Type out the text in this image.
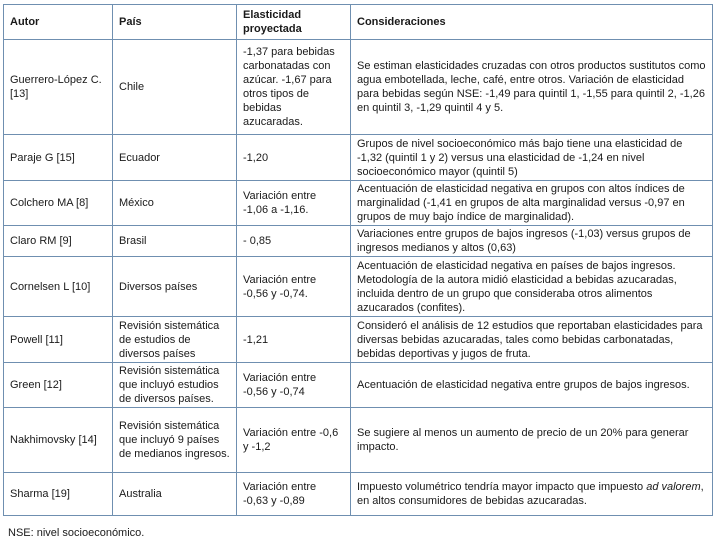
Autor	País	Elasticidad proyectada	Consideraciones
Guerrero-López C. [13]	Chile	-1,37 para bebidas carbonatadas con azúcar. -1,67 para otros tipos de bebidas azucaradas.	Se estiman elasticidades cruzadas con otros productos sustitutos como agua embotellada, leche, café, entre otros. Variación de elasticidad para bebidas según NSE: -1,49 para quintil 1, -1,55 para quintil 2, -1,26 en quintil 3, -1,29 quintil 4 y 5.
Paraje G [15]	Ecuador	-1,20	Grupos de nivel socioeconómico más bajo tiene una elasticidad de -1,32 (quintil 1 y 2) versus una elasticidad de -1,24 en nivel socioeconómico mayor (quintil 5)
Colchero MA [8]	México	Variación entre -1,06 a -1,16.	Acentuación de elasticidad negativa en grupos con altos índices de marginalidad (-1,41 en grupos de alta marginalidad versus -0,97 en grupos de muy bajo índice de marginalidad).
Claro RM [9]	Brasil	- 0,85	Variaciones entre grupos de bajos ingresos (-1,03) versus grupos de ingresos medianos y altos (0,63)
Cornelsen L [10]	Diversos países	Variación entre -0,56 y -0,74.	Acentuación de elasticidad negativa en países de bajos ingresos. Metodología de la autora midió elasticidad a bebidas azucaradas, incluida dentro de un grupo que consideraba otros alimentos azucarados (confites).
Powell [11]	Revisión sistemática de estudios de diversos países	-1,21	Consideró el análisis de 12 estudios que reportaban elasticidades para diversas bebidas azucaradas, tales como bebidas carbonatadas, bebidas deportivas y jugos de fruta.
Green [12]	Revisión sistemática que incluyó estudios de diversos países.	Variación entre -0,56 y -0,74	Acentuación de elasticidad negativa entre grupos de bajos ingresos.
Nakhimovsky [14]	Revisión sistemática que incluyó 9 países de medianos ingresos.	Variación entre -0,6 y -1,2	Se sugiere al menos un aumento de precio de un 20% para generar impacto.
Sharma [19]	Australia	Variación entre -0,63 y -0,89	Impuesto volumétrico tendría mayor impacto que impuesto ad valorem, en altos consumidores de bebidas azucaradas.
NSE: nivel socioeconómico.
